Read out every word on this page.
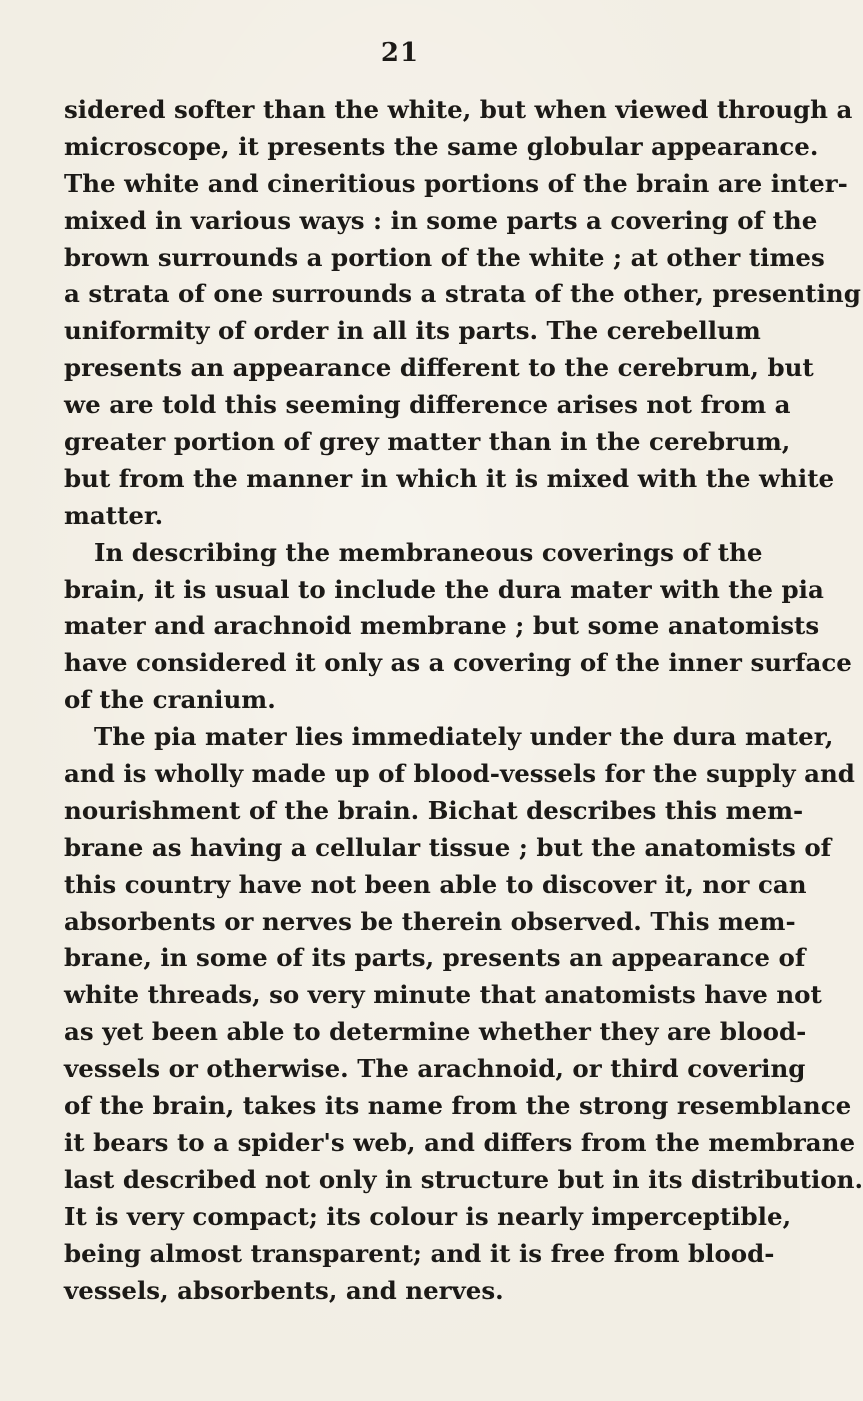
21
sidered softer than the white, but when viewed through a
microscope, it presents the same globular appearance.
The white and cineritious portions of the brain are inter-
mixed in various ways : in some parts a covering of the
brown surrounds a portion of the white ; at other times
a strata of one surrounds a strata of the other, presenting
uniformity of order in all its parts. The cerebellum
presents an appearance different to the cerebrum, but
we are told this seeming difference arises not from a
greater portion of grey matter than in the cerebrum,
but from the manner in which it is mixed with the white
matter.
In describing the membraneous coverings of the
brain, it is usual to include the dura mater with the pia
mater and arachnoid membrane ; but some anatomists
have considered it only as a covering of the inner surface
of the cranium.
The pia mater lies immediately under the dura mater,
and is wholly made up of blood-vessels for the supply and
nourishment of the brain. Bichat describes this mem-
brane as having a cellular tissue ; but the anatomists of
this country have not been able to discover it, nor can
absorbents or nerves be therein observed. This mem-
brane, in some of its parts, presents an appearance of
white threads, so very minute that anatomists have not
as yet been able to determine whether they are blood-
vessels or otherwise. The arachnoid, or third covering
of the brain, takes its name from the strong resemblance
it bears to a spider's web, and differs from the membrane
last described not only in structure but in its distribution.
It is very compact; its colour is nearly imperceptible,
being almost transparent; and it is free from blood-
vessels, absorbents, and nerves.
